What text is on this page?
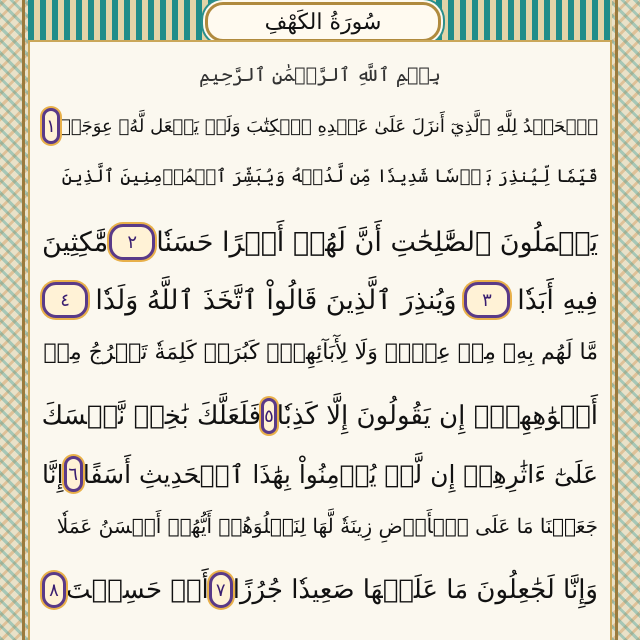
سُورَةُ الكَهْفِ
بِسۡمِ ٱللَّهِ ٱلرَّحۡمَٰنِ ٱلرَّحِيمِ
ٱلۡحَمۡدُ لِلَّهِ ٱلَّذِيٓ أَنزَلَ عَلَىٰ عَبۡدِهِ ٱلۡكِتَٰبَ وَلَمۡ يَجۡعَل لَّهُۥ عِوَجَاۜ
١
قَيِّمٗا لِّيُنذِرَ بَأۡسٗا شَدِيدٗا مِّن لَّدُنۡهُ وَيُبَشِّرَ ٱلۡمُؤۡمِنِينَ ٱلَّذِينَ
يَعۡمَلُونَ ٱلصَّٰلِحَٰتِ أَنَّ لَهُمۡ أَجۡرًا حَسَنٗا
٢
مَّٰكِثِينَ
فِيهِ أَبَدٗا
٣
وَيُنذِرَ ٱلَّذِينَ قَالُواْ ٱتَّخَذَ ٱللَّهُ وَلَدٗا
٤
مَّا لَهُم بِهِۦ مِنۡ عِلۡمٖ وَلَا لِأٓبَآئِهِمۡۚ كَبُرَتۡ كَلِمَةٗ تَخۡرُجُ مِنۡ
أَفۡوَٰهِهِمۡۚ إِن يَقُولُونَ إِلَّا كَذِبٗا
٥
فَلَعَلَّكَ بَٰخِعٞ نَّفۡسَكَ
عَلَىٰٓ ءَاثَٰرِهِمۡ إِن لَّمۡ يُؤۡمِنُواْ بِهَٰذَا ٱلۡحَدِيثِ أَسَفًا
٦
إِنَّا
جَعَلۡنَا مَا عَلَى ٱلۡأَرۡضِ زِينَةٗ لَّهَا لِنَبۡلُوَهُمۡ أَيُّهُمۡ أَحۡسَنُ عَمَلٗا
وَإِنَّا لَجَٰعِلُونَ مَا عَلَيۡهَا صَعِيدٗا جُرُزًا
٧
أَمۡ حَسِبۡتَ
٨
